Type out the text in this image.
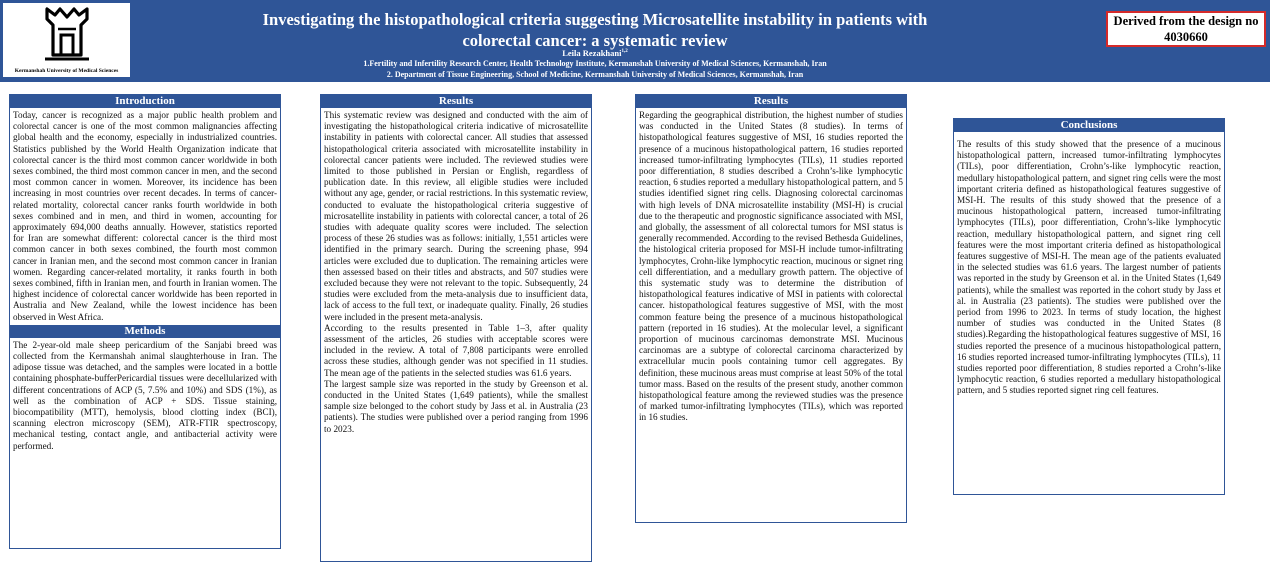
Kermanshah University of Medical Sciences
Investigating the histopathological criteria suggesting Microsatellite instability in patients with colorectal cancer: a systematic review
Leila Rezakhani$^{1,2}$
1.Fertility and Infertility Research Center, Health Technology Institute, Kermanshah University of Medical Sciences, Kermanshah, Iran
2. Department of Tissue Engineering, School of Medicine, Kermanshah University of Medical Sciences, Kermanshah, Iran
Derived from the design no 4030660
Introduction

Today, cancer is recognized as a major public health problem and colorectal cancer is one of the most common malignancies affecting global health and the economy, especially in industrialized countries. Statistics published by the World Health Organization indicate that colorectal cancer is the third most common cancer worldwide in both sexes combined, the third most common cancer in men, and the second most common cancer in women. Moreover, its incidence has been increasing in most countries over recent decades. In terms of cancer-related mortality, colorectal cancer ranks fourth worldwide in both sexes combined and in men, and third in women, accounting for approximately 694,000 deaths annually. However, statistics reported for Iran are somewhat different: colorectal cancer is the third most common cancer in both sexes combined, the fourth most common cancer in Iranian men, and the second most common cancer in Iranian women. Regarding cancer-related mortality, it ranks fourth in both sexes combined, fifth in Iranian men, and fourth in Iranian women. The highest incidence of colorectal cancer worldwide has been reported in Australia and New Zealand, while the lowest incidence has been observed in West Africa.

Methods

The 2-year-old male sheep pericardium of the Sanjabi breed was collected from the Kermanshah animal slaughterhouse in Iran. The adipose tissue was detached, and the samples were located in a bottle containing phosphate-bufferPericardial tissues were decellularized with different concentrations of ACP (5, 7.5% and 10%) and SDS (1%), as well as the combination of ACP + SDS. Tissue staining, biocompatibility (MTT), hemolysis, blood clotting index (BCI), scanning electron microscopy (SEM), ATR-FTIR spectroscopy, mechanical testing, contact angle, and antibacterial activity were performed.

Results

This systematic review was designed and conducted with the aim of investigating the histopathological criteria indicative of microsatellite instability in patients with colorectal cancer. All studies that assessed histopathological criteria associated with microsatellite instability in colorectal cancer patients were included. The reviewed studies were limited to those published in Persian or English, regardless of publication date. In this review, all eligible studies were included without any age, gender, or racial restrictions. In this systematic review, conducted to evaluate the histopathological criteria suggestive of microsatellite instability in patients with colorectal cancer, a total of 26 studies with adequate quality scores were included. The selection process of these 26 studies was as follows: initially, 1,551 articles were identified in the primary search. During the screening phase, 994 articles were excluded due to duplication. The remaining articles were then assessed based on their titles and abstracts, and 507 studies were excluded because they were not relevant to the topic. Subsequently, 24 studies were excluded from the meta-analysis due to insufficient data, lack of access to the full text, or inadequate quality. Finally, 26 studies were included in the present meta-analysis.

According to the results presented in Table 1–3, after quality assessment of the articles, 26 studies with acceptable scores were included in the review. A total of 7,808 participants were enrolled across these studies, although gender was not specified in 11 studies. The mean age of the patients in the selected studies was 61.6 years.

The largest sample size was reported in the study by Greenson et al. conducted in the United States (1,649 patients), while the smallest sample size belonged to the cohort study by Jass et al. in Australia (23 patients). The studies were published over a period ranging from 1996 to 2023.

Results

Regarding the geographical distribution, the highest number of studies was conducted in the United States (8 studies). In terms of histopathological features suggestive of MSI, 16 studies reported the presence of a mucinous histopathological pattern, 16 studies reported increased tumor-infiltrating lymphocytes (TILs), 11 studies reported poor differentiation, 8 studies described a Crohn’s-like lymphocytic reaction, 6 studies reported a medullary histopathological pattern, and 5 studies identified signet ring cells. Diagnosing colorectal carcinomas with high levels of DNA microsatellite instability (MSI-H) is crucial due to the therapeutic and prognostic significance associated with MSI, and globally, the assessment of all colorectal tumors for MSI status is generally recommended. According to the revised Bethesda Guidelines, the histological criteria proposed for MSI-H include tumor-infiltrating lymphocytes, Crohn-like lymphocytic reaction, mucinous or signet ring cell differentiation, and a medullary growth pattern. The objective of this systematic study was to determine the distribution of histopathological features indicative of MSI in patients with colorectal cancer. histopathological features suggestive of MSI, with the most common feature being the presence of a mucinous histopathological pattern (reported in 16 studies). At the molecular level, a significant proportion of mucinous carcinomas demonstrate MSI. Mucinous carcinomas are a subtype of colorectal carcinoma characterized by extracellular mucin pools containing tumor cell aggregates. By definition, these mucinous areas must comprise at least 50% of the total tumor mass. Based on the results of the present study, another common histopathological feature among the reviewed studies was the presence of marked tumor-infiltrating lymphocytes (TILs), which was reported in 16 studies.

Conclusions

The results of this study showed that the presence of a mucinous histopathological pattern, increased tumor-infiltrating lymphocytes (TILs), poor differentiation, Crohn’s-like lymphocytic reaction, medullary histopathological pattern, and signet ring cells were the most important criteria defined as histopathological features suggestive of MSI-H. The results of this study showed that the presence of a mucinous histopathological pattern, increased tumor-infiltrating lymphocytes (TILs), poor differentiation, Crohn’s-like lymphocytic reaction, medullary histopathological pattern, and signet ring cell features were the most important criteria defined as histopathological features suggestive of MSI-H. The mean age of the patients evaluated in the selected studies was 61.6 years. The largest number of patients was reported in the study by Greenson et al. in the United States (1,649 patients), while the smallest was reported in the cohort study by Jass et al. in Australia (23 patients). The studies were published over the period from 1996 to 2023. In terms of study location, the highest number of studies was conducted in the United States (8 studies).Regarding the histopathological features suggestive of MSI, 16 studies reported the presence of a mucinous histopathological pattern, 16 studies reported increased tumor-infiltrating lymphocytes (TILs), 11 studies reported poor differentiation, 8 studies reported a Crohn’s-like lymphocytic reaction, 6 studies reported a medullary histopathological pattern, and 5 studies reported signet ring cell features.
